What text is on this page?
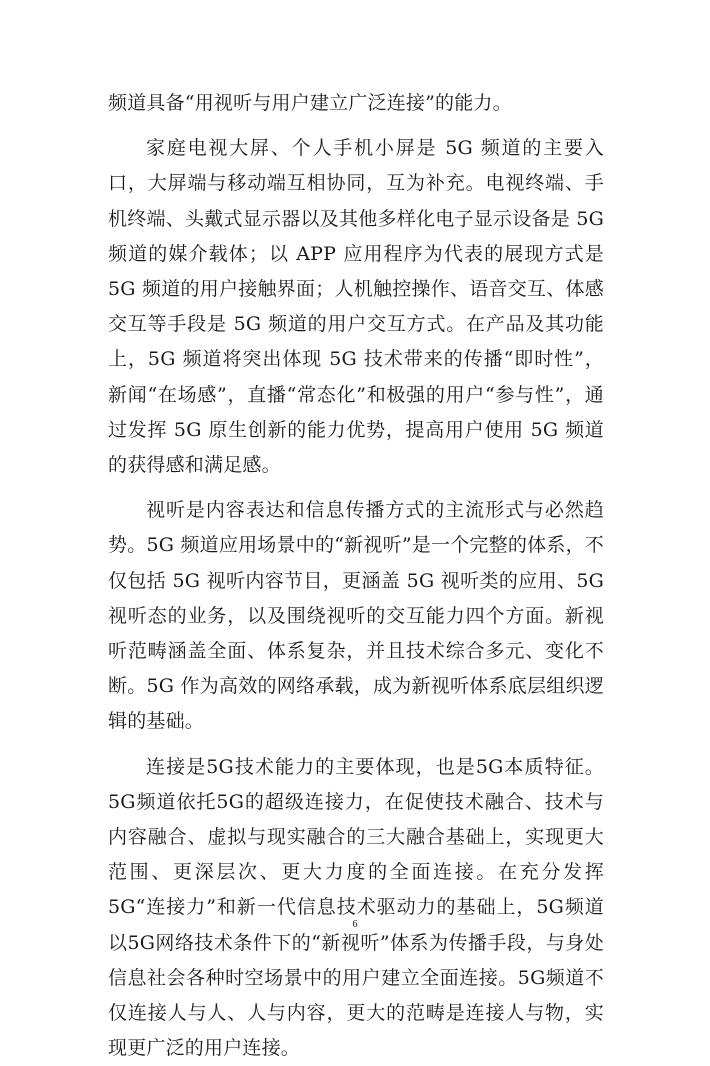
频道具备“用视听与用户建立广泛连接”的能力。

家庭电视大屏、个人手机小屏是 5G 频道的主要入口，大屏端与移动端互相协同，互为补充。电视终端、手机终端、头戴式显示器以及其他多样化电子显示设备是 5G 频道的媒介载体；以 APP 应用程序为代表的展现方式是 5G 频道的用户接触界面；人机触控操作、语音交互、体感交互等手段是 5G 频道的用户交互方式。在产品及其功能上，5G 频道将突出体现 5G 技术带来的传播“即时性”，新闻“在场感”，直播“常态化”和极强的用户“参与性”，通过发挥 5G 原生创新的能力优势，提高用户使用 5G 频道的获得感和满足感。

视听是内容表达和信息传播方式的主流形式与必然趋势。5G 频道应用场景中的“新视听”是一个完整的体系，不仅包括 5G 视听内容节目，更涵盖 5G 视听类的应用、5G 视听态的业务，以及围绕视听的交互能力四个方面。新视听范畴涵盖全面、体系复杂，并且技术综合多元、变化不断。5G 作为高效的网络承载，成为新视听体系底层组织逻辑的基础。

连接是5G技术能力的主要体现，也是5G本质特征。5G频道依托5G的超级连接力，在促使技术融合、技术与内容融合、虚拟与现实融合的三大融合基础上，实现更大范围、更深层次、更大力度的全面连接。在充分发挥5G“连接力”和新一代信息技术驱动力的基础上，5G频道以5G网络技术条件下的“新视听”体系为传播手段，与身处信息社会各种时空场景中的用户建立全面连接。5G频道不仅连接人与人、人与内容，更大的范畴是连接人与物，实现更广泛的用户连接。

6
